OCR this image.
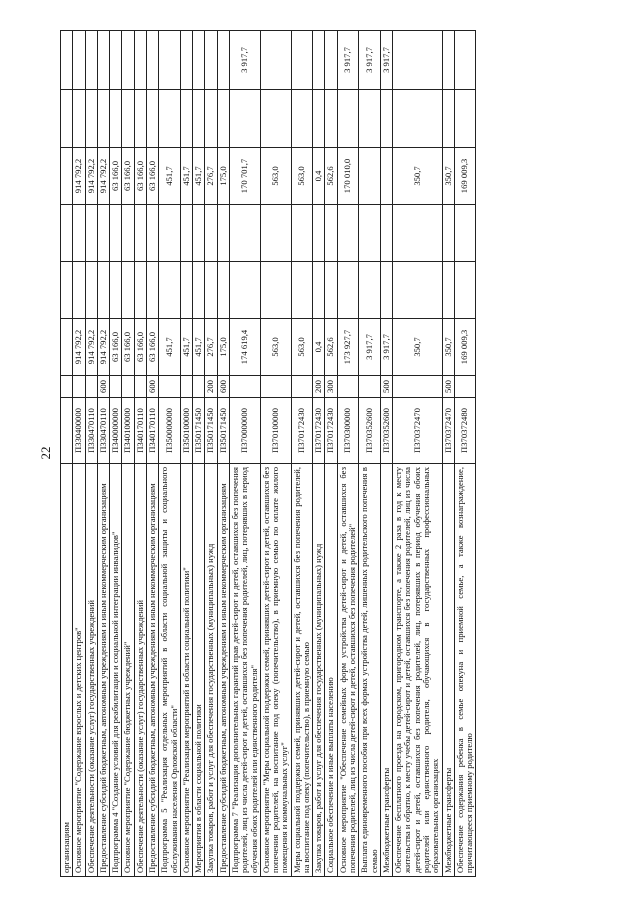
22
организациям								
Основное мероприятие "Содержание взрослых и детских центров"	П330400000		914 792,2			914 792,2		
Обеспечение деятельности (оказание услуг) государственных учреждений	П330470110		914 792,2			914 792,2		
Предоставление субсидий бюджетным, автономным учреждениям и иным некоммерческим организациям	П330470110	600	914 792,2			914 792,2		
Подпрограмма 4 "Создание условий для реабилитации и социальной интеграции инвалидов"	П340000000		63 166,0			63 166,0		
Основное мероприятие "Содержание бюджетных учреждений"	П340100000		63 166,0			63 166,0		
Обеспечение деятельности (оказание услуг) государственных учреждений	П340170110		63 166,0			63 166,0		
Предоставление субсидий бюджетным, автономным учреждениям и иным некоммерческим организациям	П340170110	600	63 166,0			63 166,0		
Подпрограмма 5 "Реализация отдельных мероприятий в области социальной защиты и социального обслуживания населения Орловской области"	П350000000		451,7			451,7		
Основное мероприятие "Реализация мероприятий в области социальной политики"	П350100000		451,7			451,7		
Мероприятия в области социальной политики	П350171450		451,7			451,7		
Закупка товаров, работ и услуг для обеспечения государственных (муниципальных) нужд	П350171450	200	276,7			276,7		
Предоставление субсидий бюджетным, автономным учреждениям и иным некоммерческим организациям	П350171450	600	175,0			175,0		
Подпрограмма 7 "Реализация дополнительных гарантий прав детей-сирот и детей, оставшихся без попечения родителей, лиц из числа детей-сирот и детей, оставшихся без попечения родителей, лиц, потерявших в период обучения обоих родителей или единственного родителя"	П370000000		174 619,4			170 701,7		3 917,7
Основное мероприятие "Меры социальной поддержки семей, принявших детей-сирот и детей, оставшихся без попечения родителей, на воспитание под опеку (попечительство), в приемную семью по оплате жилого помещения и коммунальных услуг"	П370100000		563,0			563,0		
Меры социальной поддержки семей, принявших детей-сирот и детей, оставшихся без попечения родителей, на воспитание под опеку (попечительство), в приемную семью	П370172430		563,0			563,0		
Закупка товаров, работ и услуг для обеспечения государственных (муниципальных) нужд	П370172430	200	0,4			0,4		
Социальное обеспечение и иные выплаты населению	П370172430	300	562,6			562,6		
Основное мероприятие "Обеспечение семейных форм устройства детей-сирот и детей, оставшихся без попечения родителей, лиц из числа детей-сирот и детей, оставшихся без попечения родителей"	П370300000		173 927,7			170 010,0		3 917,7
Выплата единовременного пособия при всех формах устройства детей, лишенных родительского попечения в семью	П370352600		3 917,7					3 917,7
Межбюджетные трансферты	П370352600	500	3 917,7					3 917,7
Обеспечение бесплатного проезда на городском, пригородном транспорте, а также 2 раза в год к месту жительства и обратно, к месту учебы детей-сирот и детей, оставшихся без попечения родителей, лиц из числа детей-сирот и детей, оставшихся без попечения родителей, лиц, потерявших в период обучения обоих родителей или единственного родителя, обучающихся в государственных профессиональных образовательных организациях	П370372470		350,7			350,7		
Межбюджетные трансферты	П370372470	500	350,7			350,7		
Обеспечение содержания ребенка в семье опекуна и приемной семье, а также вознаграждение, причитающееся приемному родителю	П370372480		169 009,3			169 009,3		
